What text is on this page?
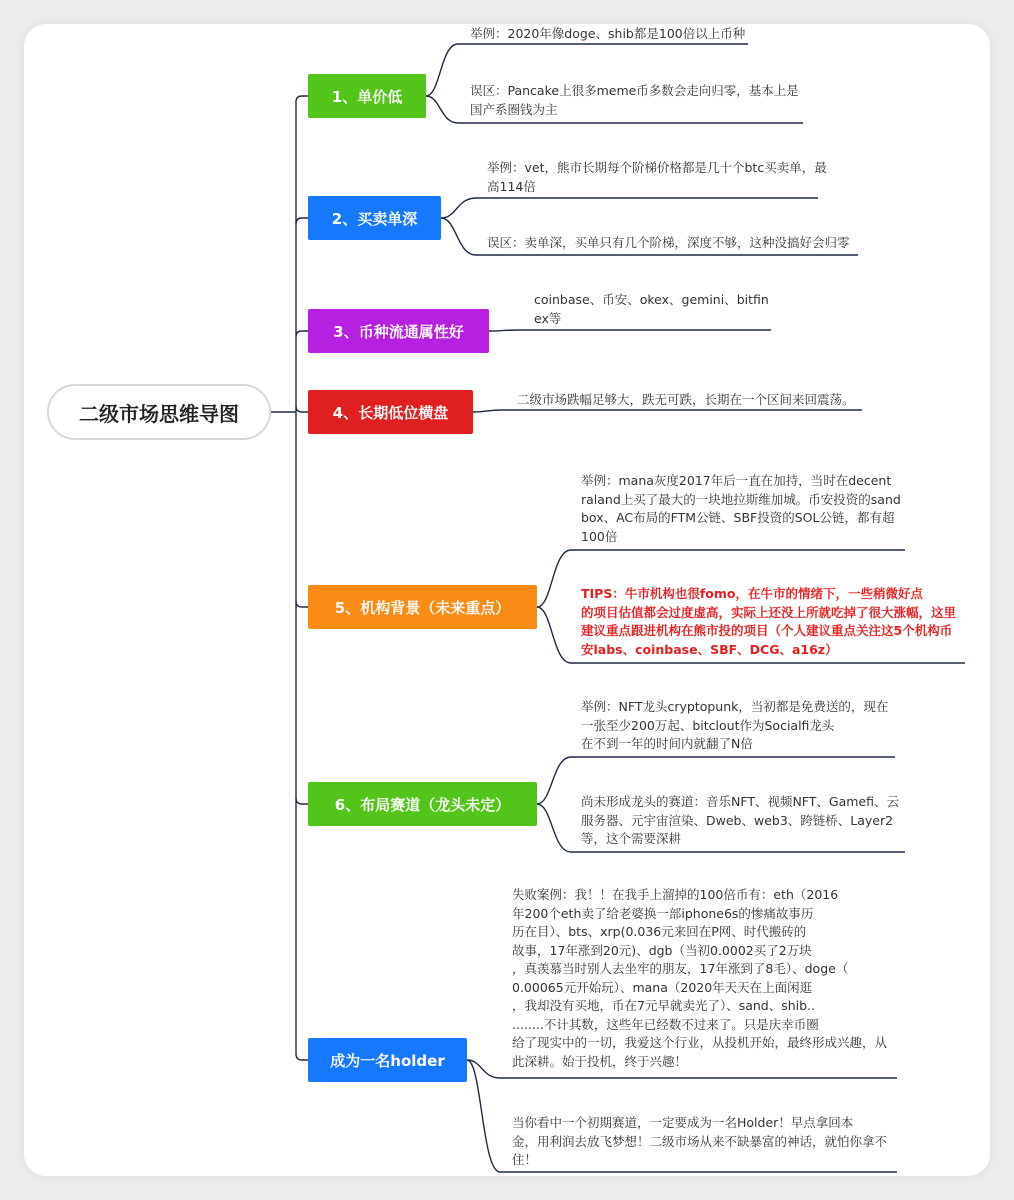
二级市场思维导图
1、单价低
2、买卖单深
3、币种流通属性好
4、长期低位横盘
5、机构背景（未来重点）
6、布局赛道（龙头未定）
成为一名holder
举例：2020年像doge、shib都是100倍以上币种
误区：Pancake上很多meme币多数会走向归零，基本上是
国产系圈钱为主
举例：vet，熊市长期每个阶梯价格都是几十个btc买卖单，最
高114倍
误区：卖单深，买单只有几个阶梯，深度不够，这种没搞好会归零
coinbase、币安、okex、gemini、bitfin
ex等
二级市场跌幅足够大，跌无可跌，长期在一个区间来回震荡。
举例：mana灰度2017年后一直在加持，当时在decent
raland上买了最大的一块地拉斯维加城。币安投资的sand
box、AC布局的FTM公链、SBF投资的SOL公链，都有超
100倍
TIPS：牛市机构也很fomo，在牛市的情绪下，一些稍微好点
的项目估值都会过度虚高，实际上还没上所就吃掉了很大涨幅，这里
建议重点跟进机构在熊市投的项目（个人建议重点关注这5个机构币
安labs、coinbase、SBF、DCG、a16z）
举例：NFT龙头cryptopunk，当初都是免费送的，现在
一张至少200万起、bitclout作为Socialfi龙头
在不到一年的时间内就翻了N倍
尚未形成龙头的赛道：音乐NFT、视频NFT、Gamefi、云
服务器、元宇宙渲染、Dweb、web3、跨链桥、Layer2
等，这个需要深耕
失败案例：我！！在我手上溜掉的100倍币有：eth（2016
年200个eth卖了给老婆换一部iphone6s的惨痛故事历
历在目）、bts、xrp(0.036元来回在P网、时代搬砖的
故事，17年涨到20元)、dgb（当初0.0002买了2万块
，真羡慕当时别人去坐牢的朋友，17年涨到了8毛）、doge（
0.00065元开始玩）、mana（2020年天天在上面闲逛
，我却没有买地，币在7元早就卖光了）、sand、shib..
........不计其数，这些年已经数不过来了。只是庆幸币圈
给了现实中的一切，我爱这个行业，从投机开始，最终形成兴趣，从
此深耕。始于投机，终于兴趣！
当你看中一个初期赛道，一定要成为一名Holder！早点拿回本
金，用利润去放飞梦想！二级市场从来不缺暴富的神话，就怕你拿不
住！
